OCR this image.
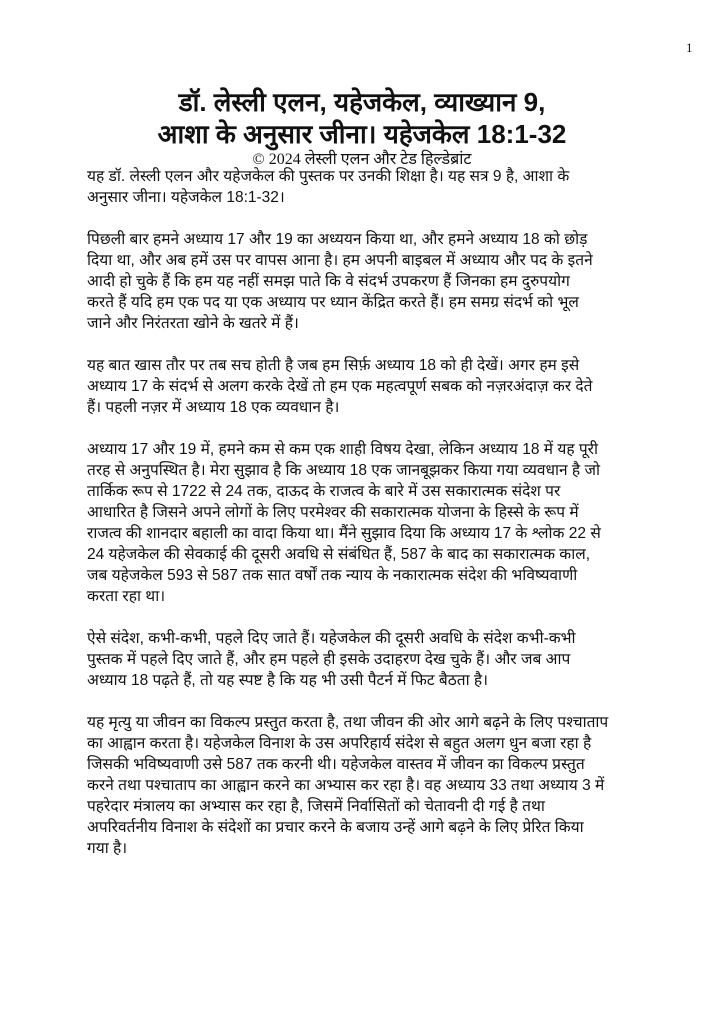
1
डॉ. लेस्ली एलन, यहेजकेल, व्याख्यान 9,
आशा के अनुसार जीना। यहेजकेल 18:1-32
© 2024 लेस्ली एलन और टेड हिल्डेब्रांट

यह डॉ. लेस्ली एलन और यहेजकेल की पुस्तक पर उनकी शिक्षा है। यह सत्र 9 है, आशा के
अनुसार जीना। यहेजकेल 18:1-32।

पिछली बार हमने अध्याय 17 और 19 का अध्ययन किया था, और हमने अध्याय 18 को छोड़
दिया था, और अब हमें उस पर वापस आना है। हम अपनी बाइबल में अध्याय और पद के इतने
आदी हो चुके हैं कि हम यह नहीं समझ पाते कि वे संदर्भ उपकरण हैं जिनका हम दुरुपयोग
करते हैं यदि हम एक पद या एक अध्याय पर ध्यान केंद्रित करते हैं। हम समग्र संदर्भ को भूल
जाने और निरंतरता खोने के खतरे में हैं।

यह बात खास तौर पर तब सच होती है जब हम सिर्फ़ अध्याय 18 को ही देखें। अगर हम इसे
अध्याय 17 के संदर्भ से अलग करके देखें तो हम एक महत्वपूर्ण सबक को नज़रअंदाज़ कर देते
हैं। पहली नज़र में अध्याय 18 एक व्यवधान है।

अध्याय 17 और 19 में, हमने कम से कम एक शाही विषय देखा, लेकिन अध्याय 18 में यह पूरी
तरह से अनुपस्थित है। मेरा सुझाव है कि अध्याय 18 एक जानबूझकर किया गया व्यवधान है जो
तार्किक रूप से 1722 से 24 तक, दाऊद के राजत्व के बारे में उस सकारात्मक संदेश पर
आधारित है जिसने अपने लोगों के लिए परमेश्वर की सकारात्मक योजना के हिस्से के रूप में
राजत्व की शानदार बहाली का वादा किया था। मैंने सुझाव दिया कि अध्याय 17 के श्लोक 22 से
24 यहेजकेल की सेवकाई की दूसरी अवधि से संबंधित हैं, 587 के बाद का सकारात्मक काल,
जब यहेजकेल 593 से 587 तक सात वर्षों तक न्याय के नकारात्मक संदेश की भविष्यवाणी
करता रहा था।

ऐसे संदेश, कभी-कभी, पहले दिए जाते हैं। यहेजकेल की दूसरी अवधि के संदेश कभी-कभी
पुस्तक में पहले दिए जाते हैं, और हम पहले ही इसके उदाहरण देख चुके हैं। और जब आप
अध्याय 18 पढ़ते हैं, तो यह स्पष्ट है कि यह भी उसी पैटर्न में फिट बैठता है।

यह मृत्यु या जीवन का विकल्प प्रस्तुत करता है, तथा जीवन की ओर आगे बढ़ने के लिए पश्चाताप
का आह्वान करता है। यहेजकेल विनाश के उस अपरिहार्य संदेश से बहुत अलग धुन बजा रहा है
जिसकी भविष्यवाणी उसे 587 तक करनी थी। यहेजकेल वास्तव में जीवन का विकल्प प्रस्तुत
करने तथा पश्चाताप का आह्वान करने का अभ्यास कर रहा है। वह अध्याय 33 तथा अध्याय 3 में
पहरेदार मंत्रालय का अभ्यास कर रहा है, जिसमें निर्वासितों को चेतावनी दी गई है तथा
अपरिवर्तनीय विनाश के संदेशों का प्रचार करने के बजाय उन्हें आगे बढ़ने के लिए प्रेरित किया
गया है।
